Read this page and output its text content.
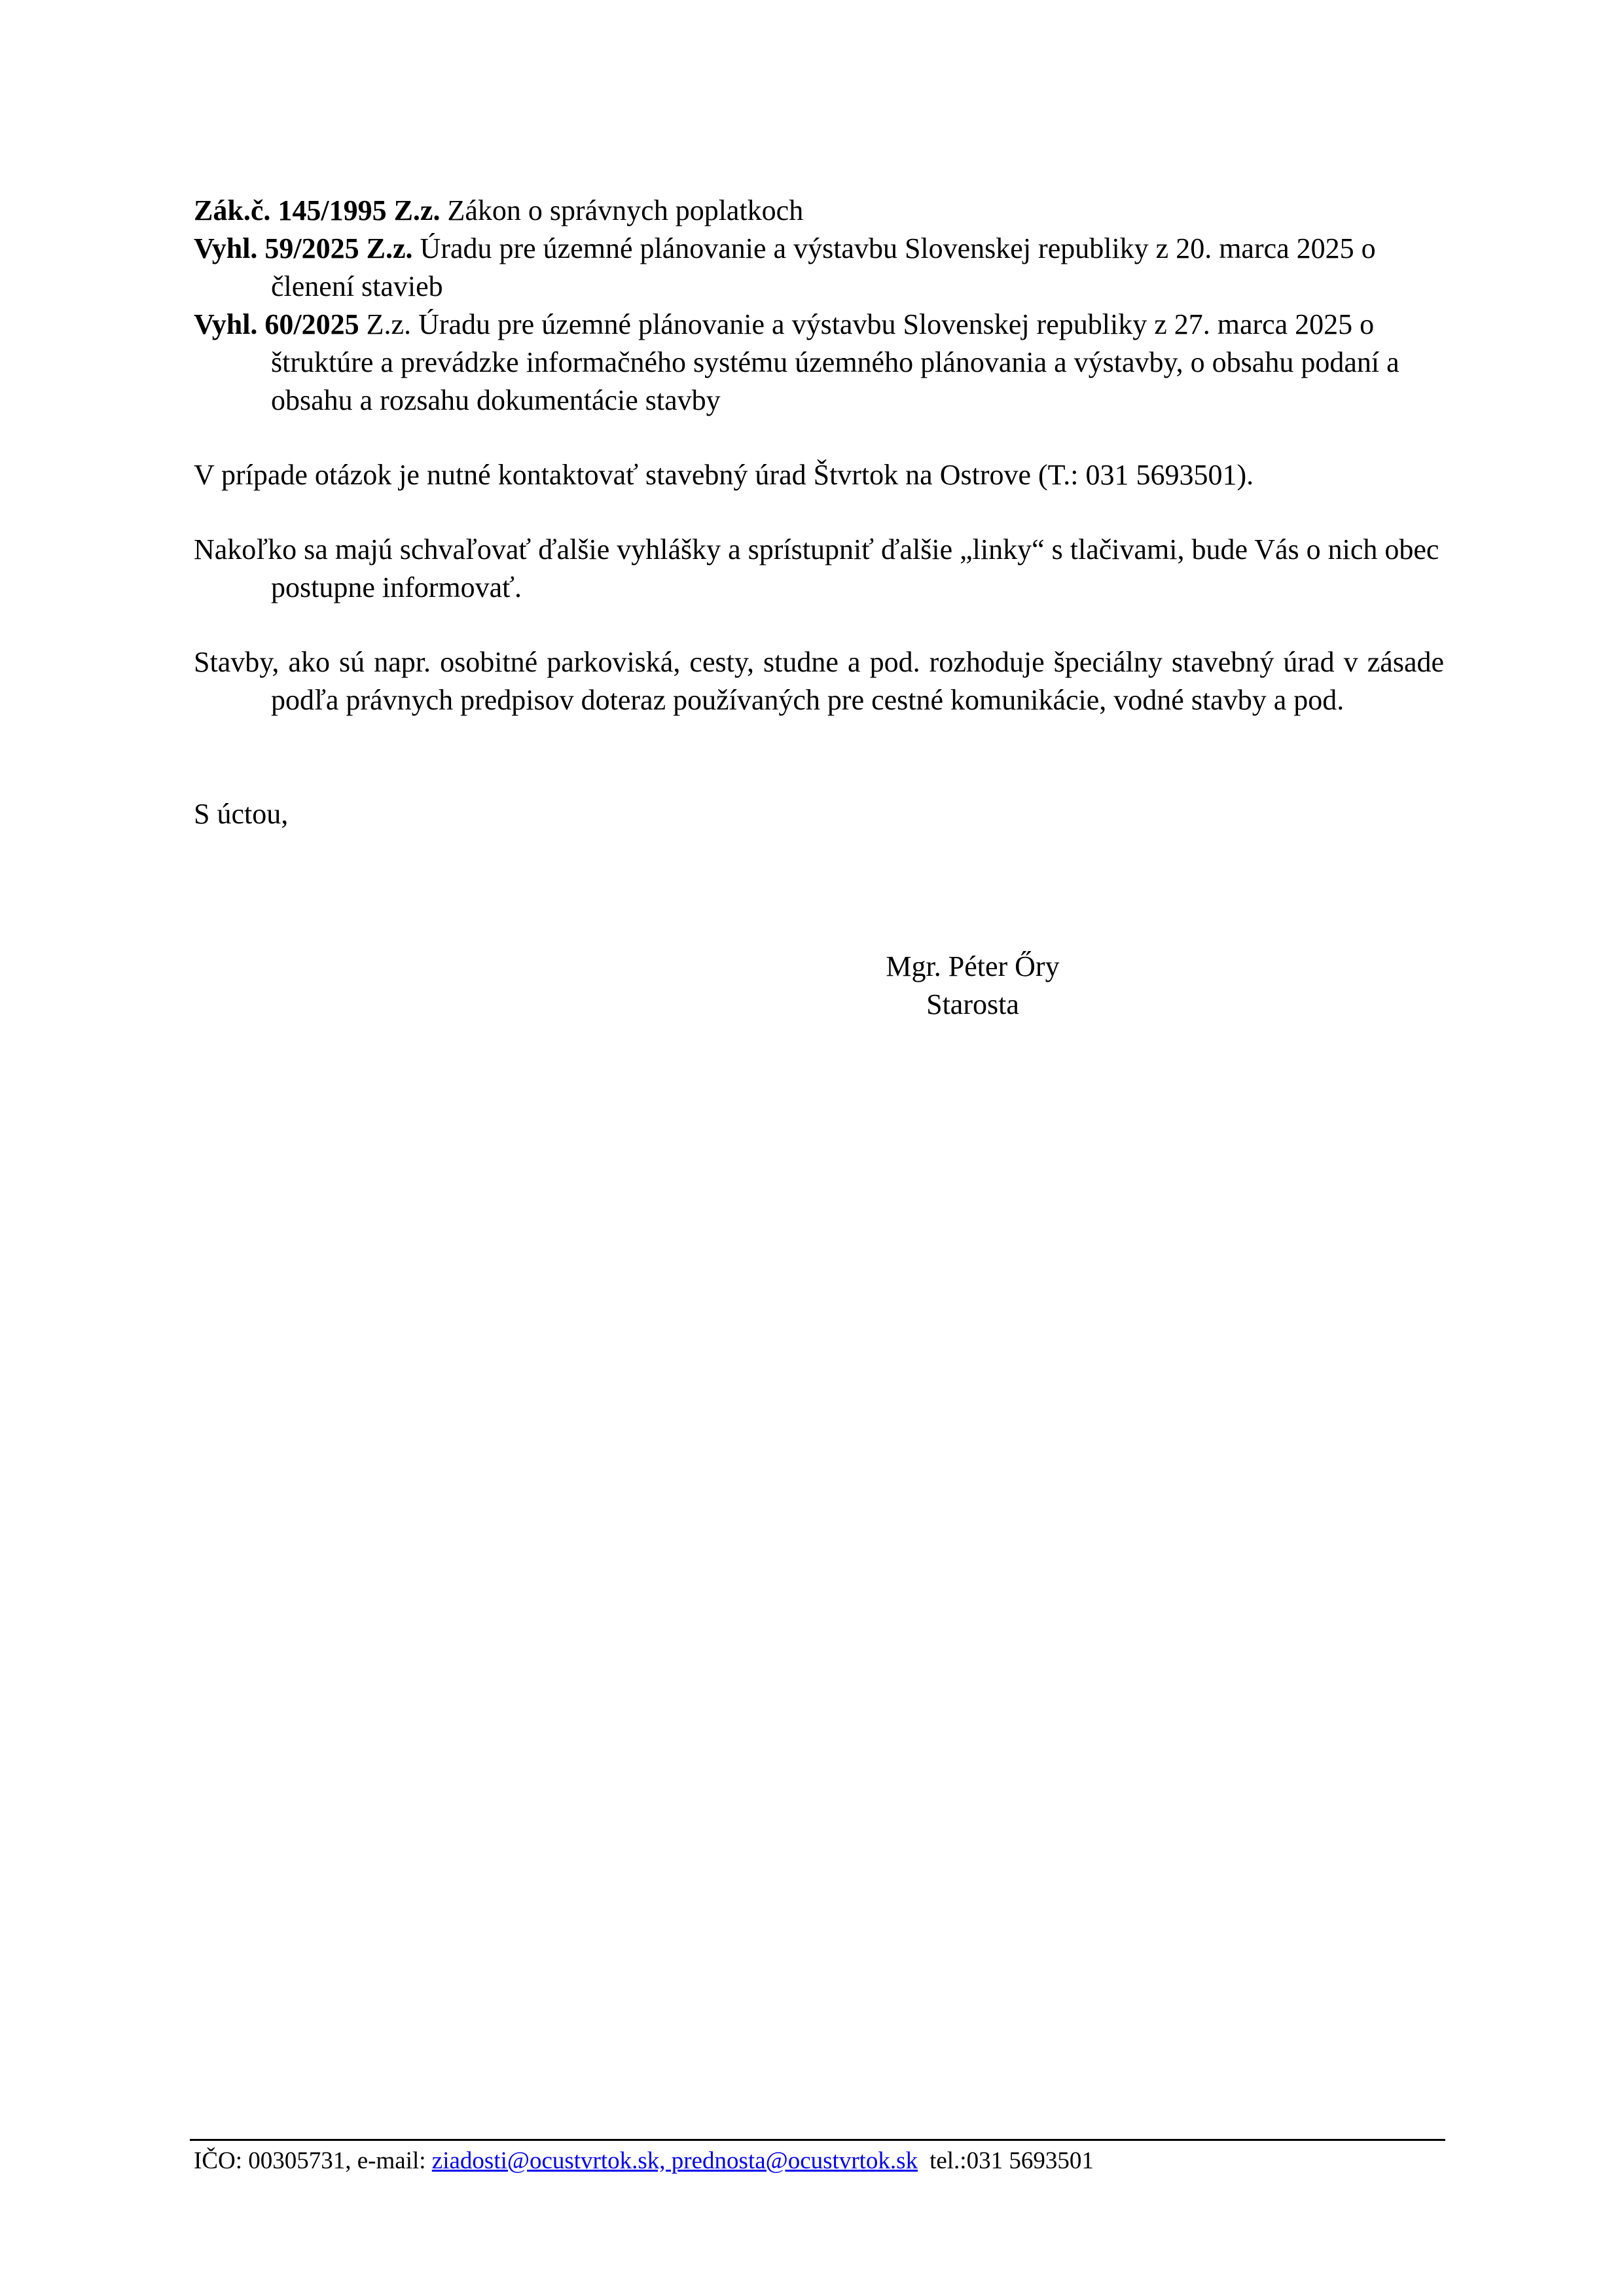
Zák.č. 145/1995 Z.z. Zákon o správnych poplatkoch

Vyhl. 59/2025 Z.z. Úradu pre územné plánovanie a výstavbu Slovenskej republiky z 20. marca 2025 o členení stavieb

Vyhl. 60/2025 Z.z. Úradu pre územné plánovanie a výstavbu Slovenskej republiky z 27. marca 2025 o štruktúre a prevádzke informačného systému územného plánovania a výstavby, o obsahu podaní a obsahu a rozsahu dokumentácie stavby

V prípade otázok je nutné kontaktovať stavebný úrad Štvrtok na Ostrove (T.: 031 5693501).

Nakoľko sa majú schvaľovať ďalšie vyhlášky a sprístupniť ďalšie „linky“ s tlačivami, bude Vás o nich obec postupne informovať.

Stavby, ako sú napr. osobitné parkoviská, cesty, studne a pod. rozhoduje špeciálny stavebný úrad v zásade podľa právnych predpisov doteraz používaných pre cestné komunikácie, vodné stavby a pod.

S úctou,

Mgr. Péter Őry
Starosta
IČO: 00305731, e-mail: ziadosti@ocustvrtok.sk, prednosta@ocustvrtok.sk tel.:031 5693501
